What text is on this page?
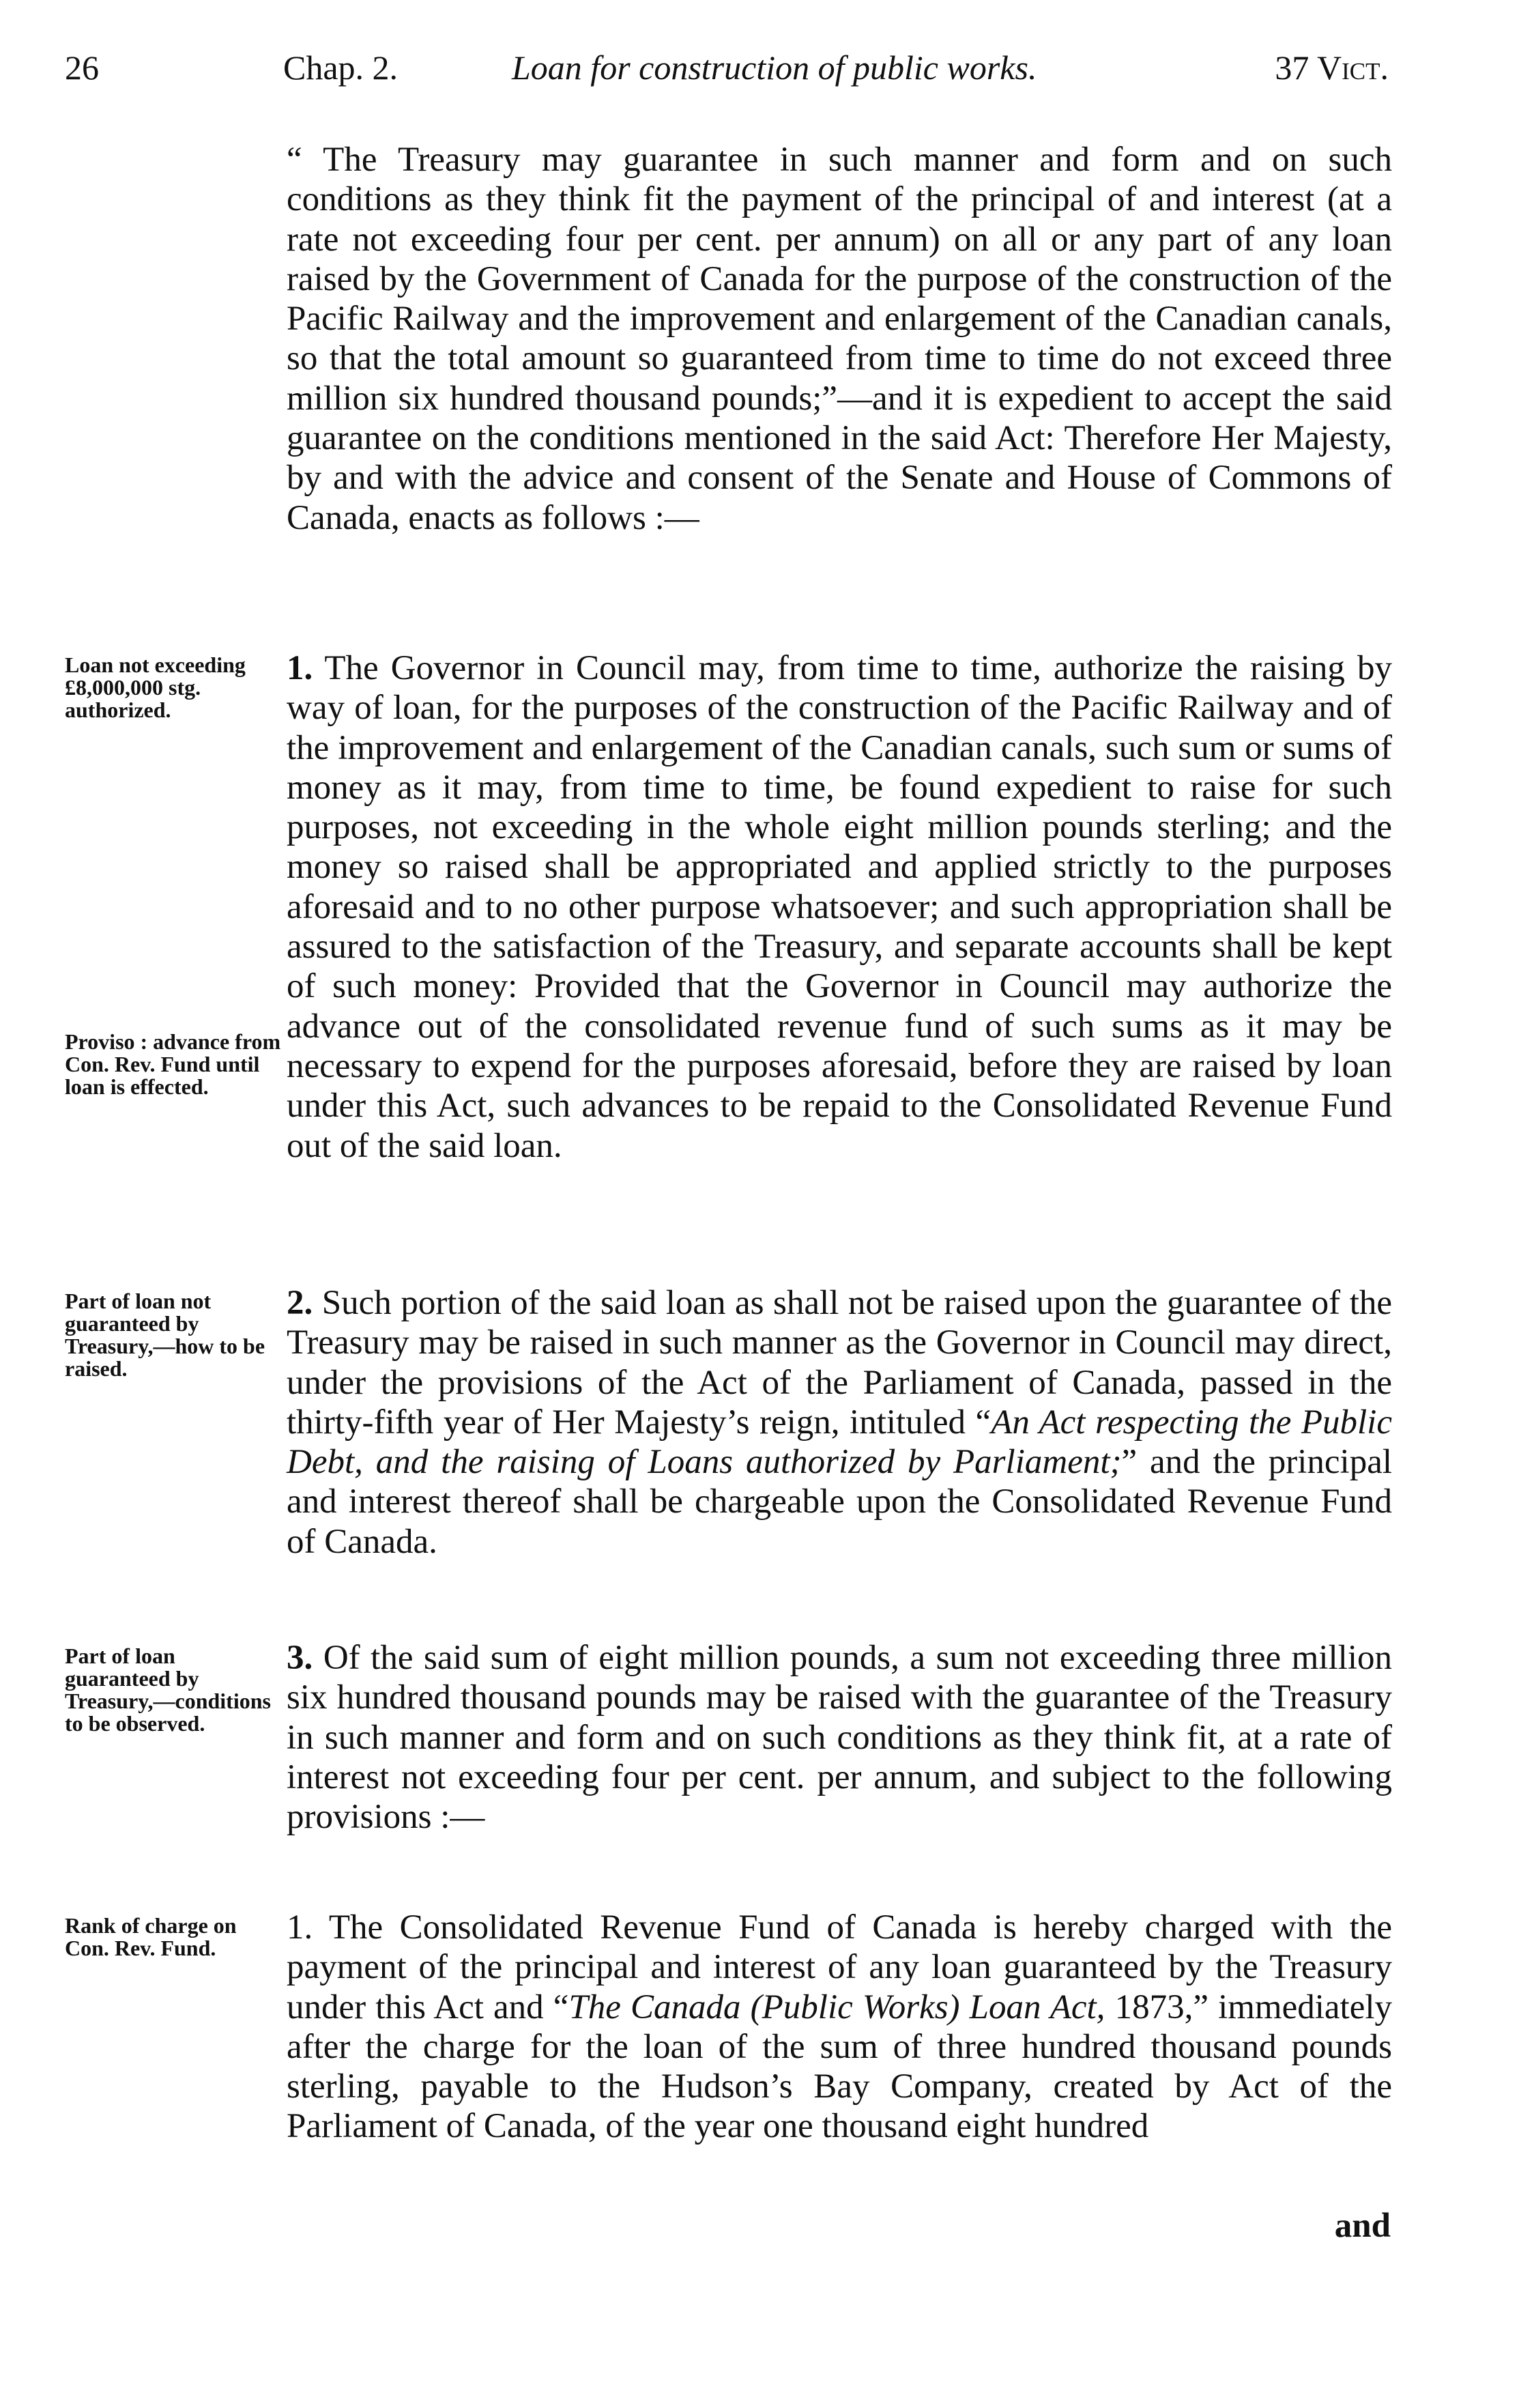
26	Chap. 2.	Loan for construction of public works.	37 Vict.

“ The Treasury may guarantee in such manner and form and on such conditions as they think fit the payment of the principal of and interest (at a rate not exceeding four per cent. per annum) on all or any part of any loan raised by the Government of Canada for the purpose of the construction of the Pacific Railway and the improvement and enlargement of the Canadian canals, so that the total amount so guaranteed from time to time do not exceed three million six hundred thousand pounds;”—and it is expedient to accept the said guarantee on the conditions mentioned in the said Act: Therefore Her Majesty, by and with the advice and consent of the Senate and House of Commons of Canada, enacts as follows :—

1. The Governor in Council may, from time to time, authorize the raising by way of loan, for the purposes of the construction of the Pacific Railway and of the improvement and enlargement of the Canadian canals, such sum or sums of money as it may, from time to time, be found expedient to raise for such purposes, not exceeding in the whole eight million pounds sterling; and the money so raised shall be appropriated and applied strictly to the purposes aforesaid and to no other purpose whatsoever; and such appropriation shall be assured to the satisfaction of the Treasury, and separate accounts shall be kept of such money: Provided that the Governor in Council may authorize the advance out of the consolidated revenue fund of such sums as it may be necessary to expend for the purposes aforesaid, before they are raised by loan under this Act, such advances to be repaid to the Consolidated Revenue Fund out of the said loan.

2. Such portion of the said loan as shall not be raised upon the guarantee of the Treasury may be raised in such manner as the Governor in Council may direct, under the provisions of the Act of the Parliament of Canada, passed in the thirty-fifth year of Her Majesty’s reign, intituled “An Act respecting the Public Debt, and the raising of Loans authorized by Parliament;” and the principal and interest thereof shall be chargeable upon the Consolidated Revenue Fund of Canada.

3. Of the said sum of eight million pounds, a sum not exceeding three million six hundred thousand pounds may be raised with the guarantee of the Treasury in such manner and form and on such conditions as they think fit, at a rate of interest not exceeding four per cent. per annum, and subject to the following provisions :—

1. The Consolidated Revenue Fund of Canada is hereby charged with the payment of the principal and interest of any loan guaranteed by the Treasury under this Act and “The Canada (Public Works) Loan Act, 1873,” immediately after the charge for the loan of the sum of three hundred thousand pounds sterling, payable to the Hudson’s Bay Company, created by Act of the Parliament of Canada, of the year one thousand eight hundred

Loan not exceeding £8,000,000 stg. authorized.

Proviso : advance from Con. Rev. Fund until loan is effected.

Part of loan not guaranteed by Treasury,—how to be raised.

Part of loan guaranteed by Treasury,—conditions to be observed.

Rank of charge on Con. Rev. Fund.

and
